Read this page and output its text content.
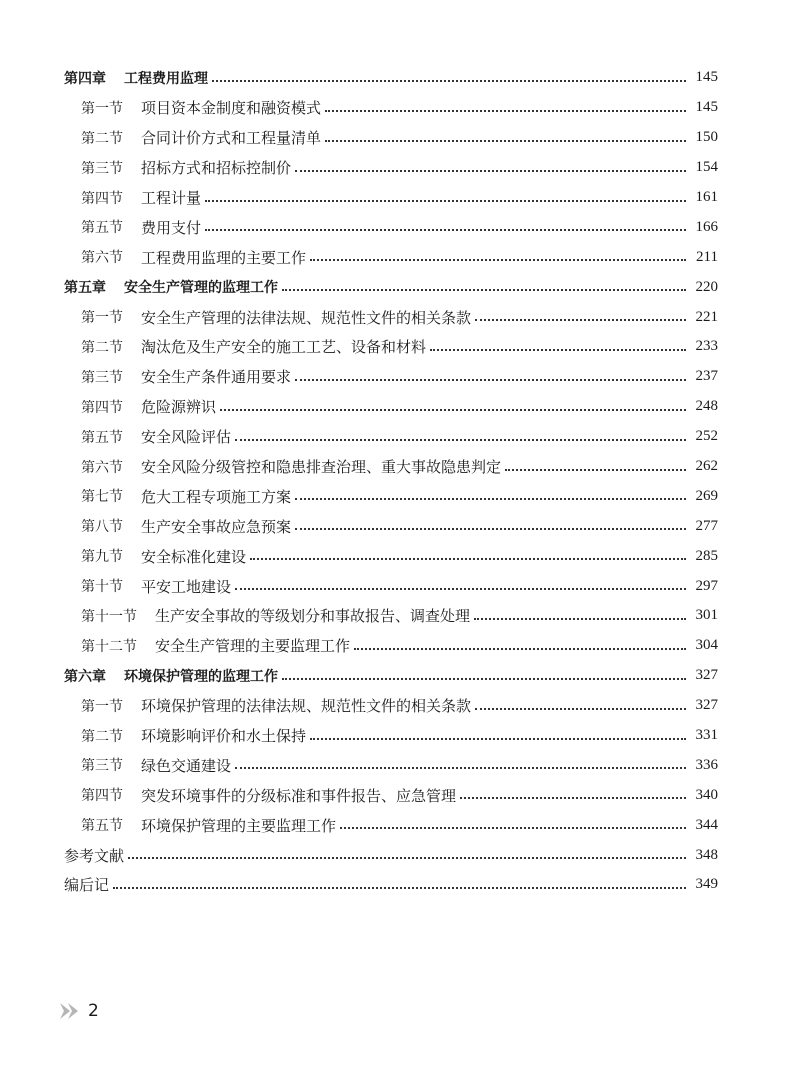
第四章 工程费用监理	145
第一节 项目资本金制度和融资模式	145
第二节 合同计价方式和工程量清单	150
第三节 招标方式和招标控制价	154
第四节 工程计量	161
第五节 费用支付	166
第六节 工程费用监理的主要工作	211
第五章 安全生产管理的监理工作	220
第一节 安全生产管理的法律法规、规范性文件的相关条款	221
第二节 淘汰危及生产安全的施工工艺、设备和材料	233
第三节 安全生产条件通用要求	237
第四节 危险源辨识	248
第五节 安全风险评估	252
第六节 安全风险分级管控和隐患排查治理、重大事故隐患判定	262
第七节 危大工程专项施工方案	269
第八节 生产安全事故应急预案	277
第九节 安全标准化建设	285
第十节 平安工地建设	297
第十一节 生产安全事故的等级划分和事故报告、调查处理	301
第十二节 安全生产管理的主要监理工作	304
第六章 环境保护管理的监理工作	327
第一节 环境保护管理的法律法规、规范性文件的相关条款	327
第二节 环境影响评价和水土保持	331
第三节 绿色交通建设	336
第四节 突发环境事件的分级标准和事件报告、应急管理	340
第五节 环境保护管理的主要监理工作	344
参考文献	348
编后记	349
2
